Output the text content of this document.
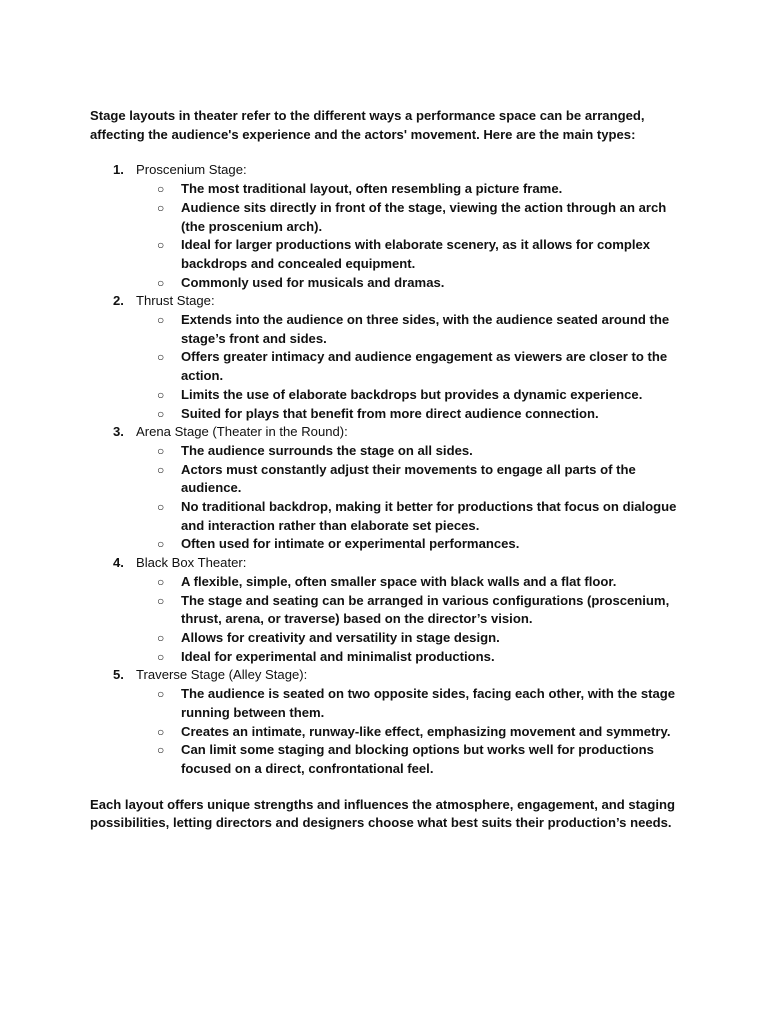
Stage layouts in theater refer to the different ways a performance space can be arranged, affecting the audience's experience and the actors' movement. Here are the main types:

1. Proscenium Stage:
○ The most traditional layout, often resembling a picture frame.
○ Audience sits directly in front of the stage, viewing the action through an arch (the proscenium arch).
○ Ideal for larger productions with elaborate scenery, as it allows for complex backdrops and concealed equipment.
○ Commonly used for musicals and dramas.
2. Thrust Stage:
○ Extends into the audience on three sides, with the audience seated around the stage’s front and sides.
○ Offers greater intimacy and audience engagement as viewers are closer to the action.
○ Limits the use of elaborate backdrops but provides a dynamic experience.
○ Suited for plays that benefit from more direct audience connection.
3. Arena Stage (Theater in the Round):
○ The audience surrounds the stage on all sides.
○ Actors must constantly adjust their movements to engage all parts of the audience.
○ No traditional backdrop, making it better for productions that focus on dialogue and interaction rather than elaborate set pieces.
○ Often used for intimate or experimental performances.
4. Black Box Theater:
○ A flexible, simple, often smaller space with black walls and a flat floor.
○ The stage and seating can be arranged in various configurations (proscenium, thrust, arena, or traverse) based on the director’s vision.
○ Allows for creativity and versatility in stage design.
○ Ideal for experimental and minimalist productions.
5. Traverse Stage (Alley Stage):
○ The audience is seated on two opposite sides, facing each other, with the stage running between them.
○ Creates an intimate, runway-like effect, emphasizing movement and symmetry.
○ Can limit some staging and blocking options but works well for productions focused on a direct, confrontational feel.

Each layout offers unique strengths and influences the atmosphere, engagement, and staging possibilities, letting directors and designers choose what best suits their production’s needs.
